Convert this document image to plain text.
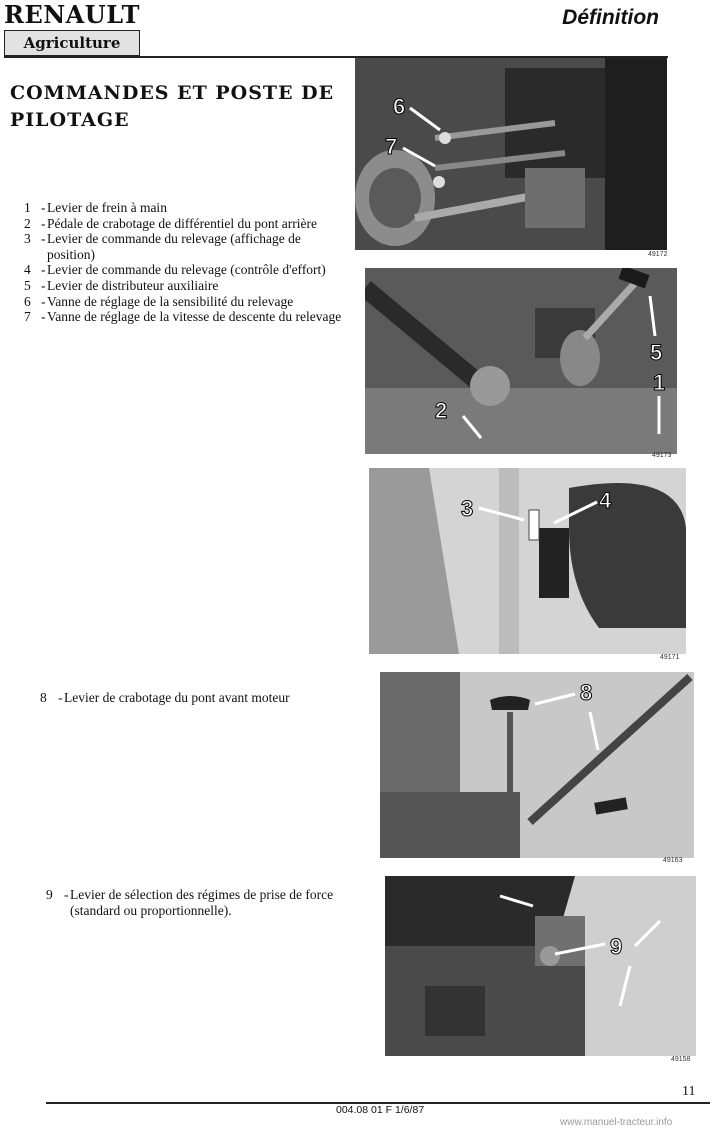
RENAULT
Agriculture
Définition
COMMANDES ET POSTE DE PILOTAGE
1 - Levier de frein à main
2 - Pédale de crabotage de différentiel du pont arrière
3 - Levier de commande du relevage (affichage de position)
4 - Levier de commande du relevage (contrôle d'effort)
5 - Levier de distributeur auxiliaire
6 - Vanne de réglage de la sensibilité du relevage
7 - Vanne de réglage de la vitesse de descente du relevage
8 - Levier de crabotage du pont avant moteur
9 - Levier de sélection des régimes de prise de force (standard ou proportionnelle).
6
7
49172
2
5
1
49173
3	4
49171
8
49163
9
49158
11
004.08 01 F 1/6/87
www.manuel-tracteur.info
